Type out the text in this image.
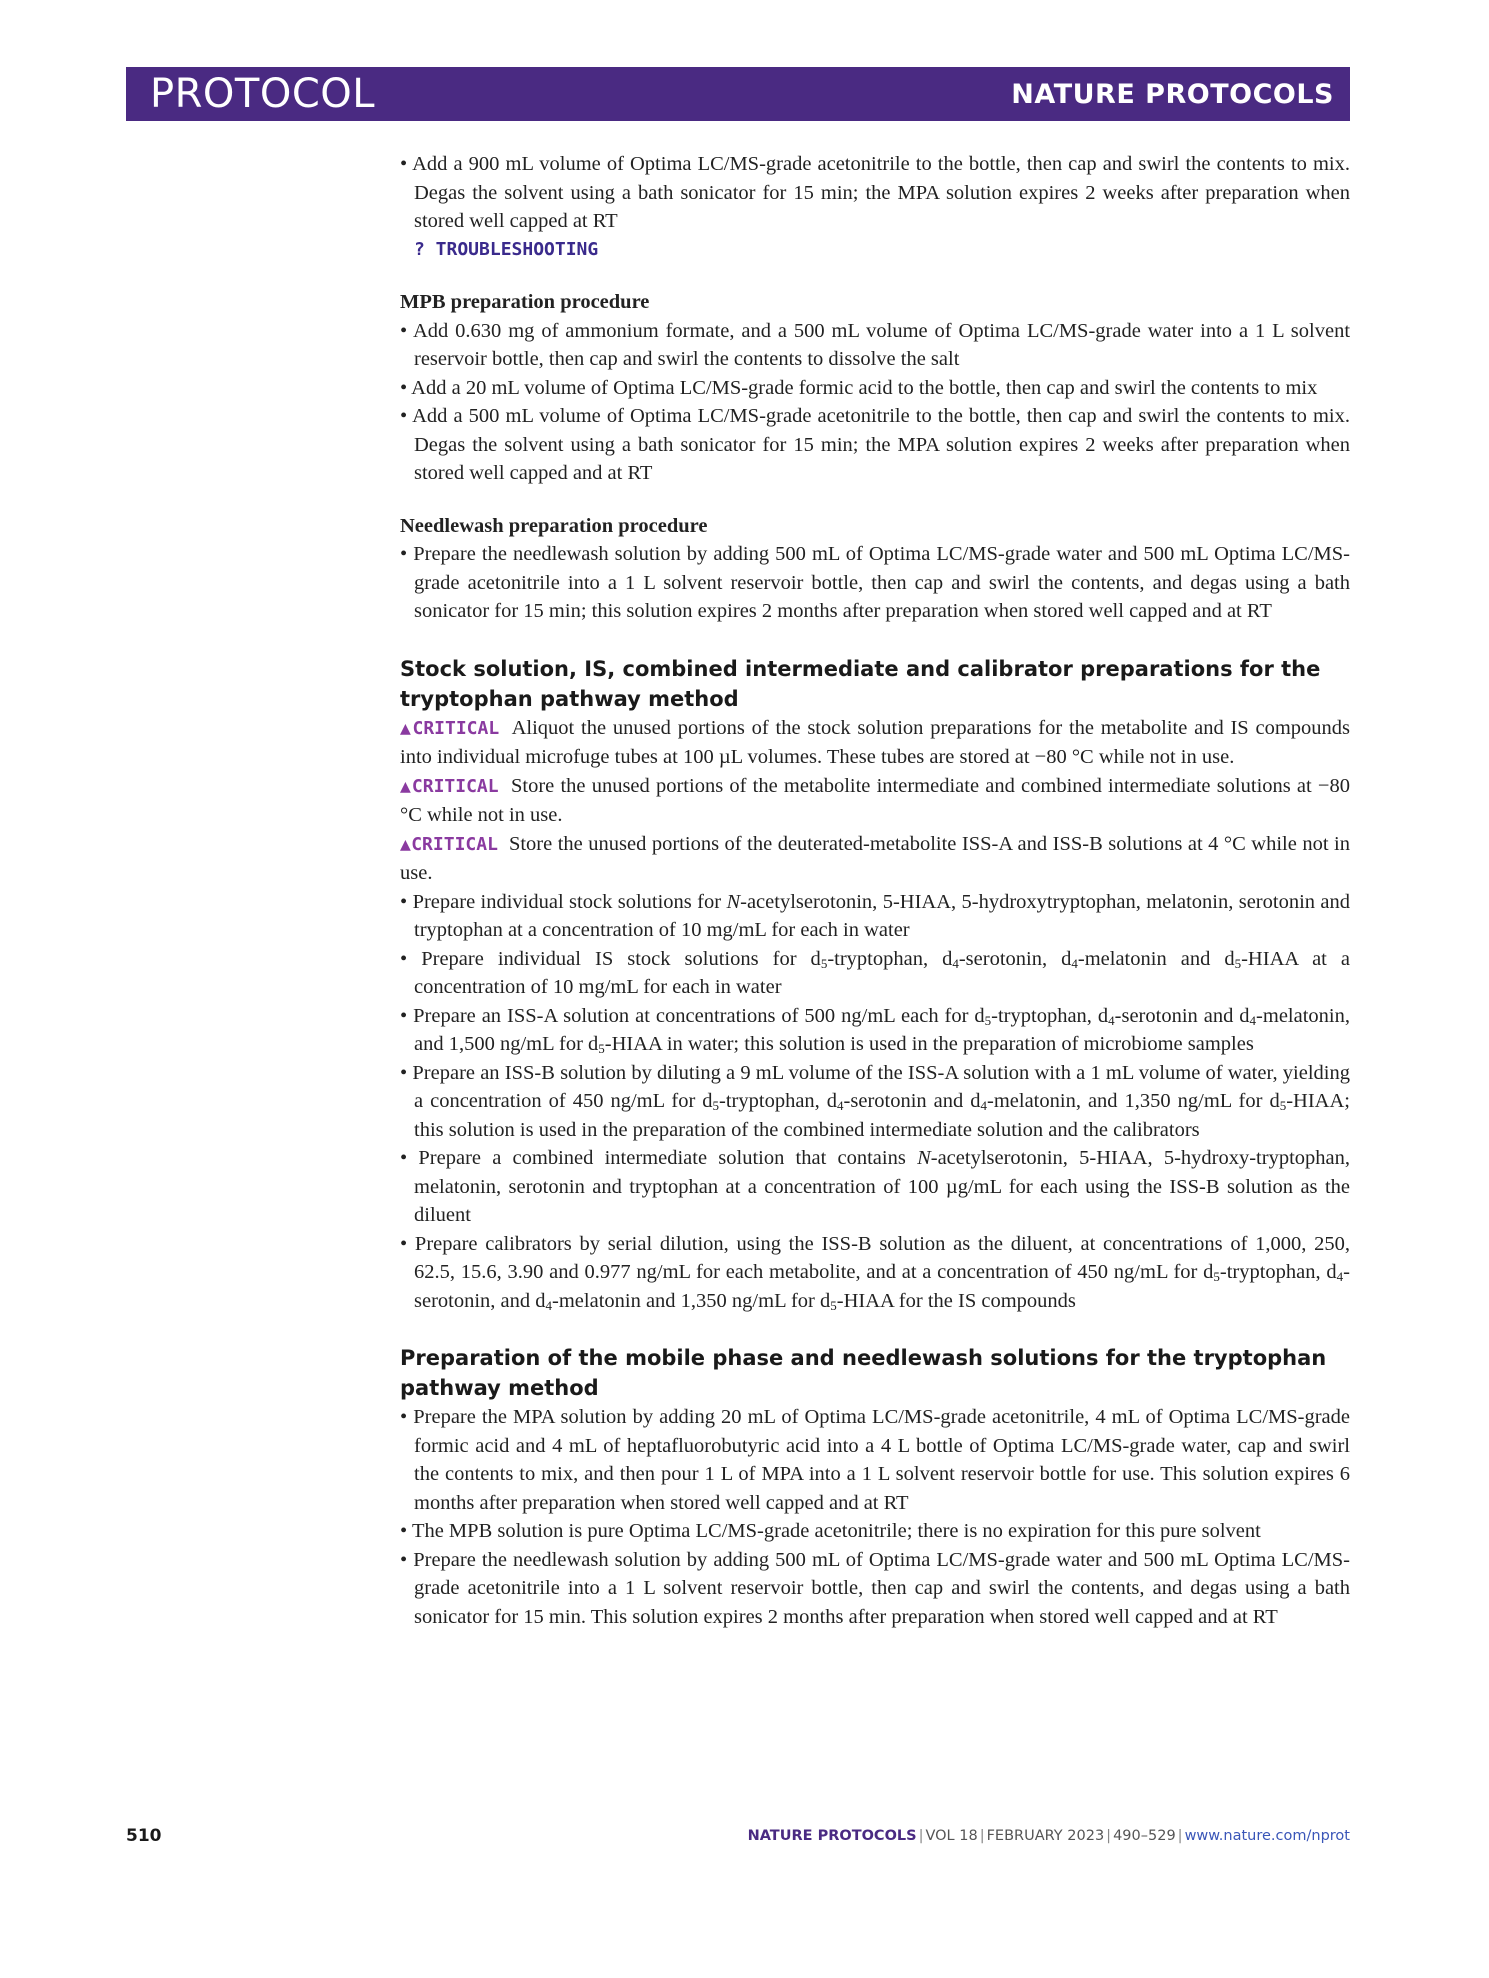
PROTOCOL	NATURE PROTOCOLS

• Add a 900 mL volume of Optima LC/MS-grade acetonitrile to the bottle, then cap and swirl the contents to mix. Degas the solvent using a bath sonicator for 15 min; the MPA solution expires 2 weeks after preparation when stored well capped at RT

? TROUBLESHOOTING

MPB preparation procedure

• Add 0.630 mg of ammonium formate, and a 500 mL volume of Optima LC/MS-grade water into a 1 L solvent reservoir bottle, then cap and swirl the contents to dissolve the salt

• Add a 20 mL volume of Optima LC/MS-grade formic acid to the bottle, then cap and swirl the contents to mix

• Add a 500 mL volume of Optima LC/MS-grade acetonitrile to the bottle, then cap and swirl the contents to mix. Degas the solvent using a bath sonicator for 15 min; the MPA solution expires 2 weeks after preparation when stored well capped and at RT

Needlewash preparation procedure

• Prepare the needlewash solution by adding 500 mL of Optima LC/MS-grade water and 500 mL Optima LC/MS-grade acetonitrile into a 1 L solvent reservoir bottle, then cap and swirl the contents, and degas using a bath sonicator for 15 min; this solution expires 2 months after preparation when stored well capped and at RT

Stock solution, IS, combined intermediate and calibrator preparations for the tryptophan pathway method

▲CRITICAL Aliquot the unused portions of the stock solution preparations for the metabolite and IS compounds into individual microfuge tubes at 100 µL volumes. These tubes are stored at −80 °C while not in use.

▲CRITICAL Store the unused portions of the metabolite intermediate and combined intermediate solutions at −80 °C while not in use.

▲CRITICAL Store the unused portions of the deuterated-metabolite ISS-A and ISS-B solutions at 4 °C while not in use.

• Prepare individual stock solutions for N-acetylserotonin, 5-HIAA, 5-hydroxytryptophan, melatonin, serotonin and tryptophan at a concentration of 10 mg/mL for each in water

• Prepare individual IS stock solutions for $d_5$-tryptophan, $d_4$-serotonin, $d_4$-melatonin and $d_5$-HIAA at a concentration of 10 mg/mL for each in water

• Prepare an ISS-A solution at concentrations of 500 ng/mL each for $d_5$-tryptophan, $d_4$-serotonin and $d_4$-melatonin, and 1,500 ng/mL for $d_5$-HIAA in water; this solution is used in the preparation of microbiome samples

• Prepare an ISS-B solution by diluting a 9 mL volume of the ISS-A solution with a 1 mL volume of water, yielding a concentration of 450 ng/mL for $d_5$-tryptophan, $d_4$-serotonin and $d_4$-melatonin, and 1,350 ng/mL for $d_5$-HIAA; this solution is used in the preparation of the combined intermediate solution and the calibrators

• Prepare a combined intermediate solution that contains N-acetylserotonin, 5-HIAA, 5-hydroxy-tryptophan, melatonin, serotonin and tryptophan at a concentration of 100 µg/mL for each using the ISS-B solution as the diluent

• Prepare calibrators by serial dilution, using the ISS-B solution as the diluent, at concentrations of 1,000, 250, 62.5, 15.6, 3.90 and 0.977 ng/mL for each metabolite, and at a concentration of 450 ng/mL for $d_5$-tryptophan, $d_4$-serotonin, and $d_4$-melatonin and 1,350 ng/mL for $d_5$-HIAA for the IS compounds

Preparation of the mobile phase and needlewash solutions for the tryptophan pathway method

• Prepare the MPA solution by adding 20 mL of Optima LC/MS-grade acetonitrile, 4 mL of Optima LC/MS-grade formic acid and 4 mL of heptafluorobutyric acid into a 4 L bottle of Optima LC/MS-grade water, cap and swirl the contents to mix, and then pour 1 L of MPA into a 1 L solvent reservoir bottle for use. This solution expires 6 months after preparation when stored well capped and at RT

• The MPB solution is pure Optima LC/MS-grade acetonitrile; there is no expiration for this pure solvent

• Prepare the needlewash solution by adding 500 mL of Optima LC/MS-grade water and 500 mL Optima LC/MS-grade acetonitrile into a 1 L solvent reservoir bottle, then cap and swirl the contents, and degas using a bath sonicator for 15 min. This solution expires 2 months after preparation when stored well capped and at RT

510	NATURE PROTOCOLS | VOL 18 | FEBRUARY 2023 | 490–529 | www.nature.com/nprot
